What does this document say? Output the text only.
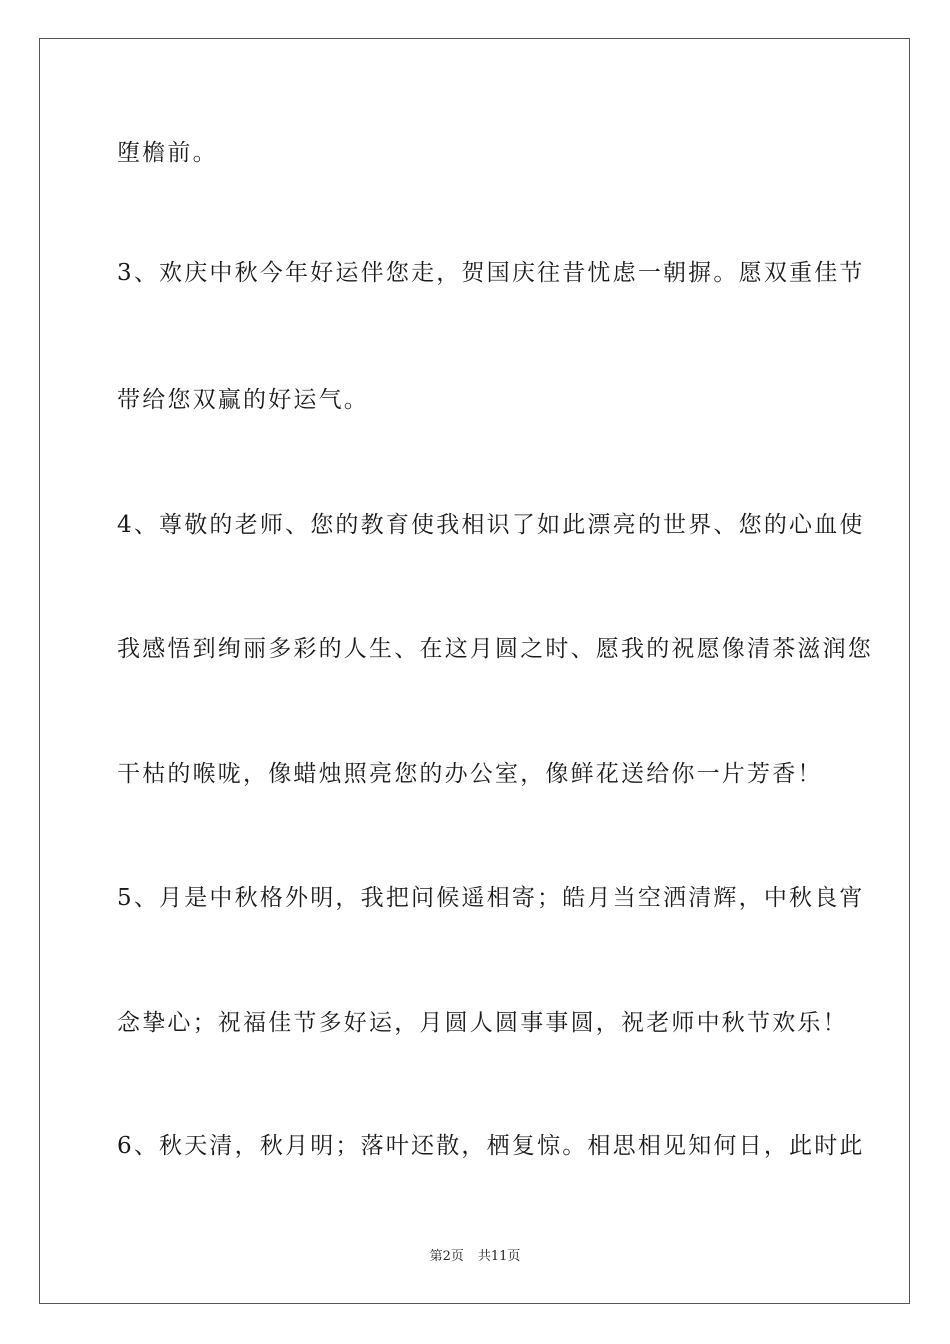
堕檐前。
3、欢庆中秋今年好运伴您走，贺国庆往昔忧虑一朝摒。愿双重佳节
带给您双赢的好运气。
4、尊敬的老师、您的教育使我相识了如此漂亮的世界、您的心血使
我感悟到绚丽多彩的人生、在这月圆之时、愿我的祝愿像清茶滋润您
干枯的喉咙，像蜡烛照亮您的办公室，像鲜花送给你一片芳香！
5、月是中秋格外明，我把问候遥相寄；皓月当空洒清辉，中秋良宵
念挚心；祝福佳节多好运，月圆人圆事事圆，祝老师中秋节欢乐！
6、秋天清，秋月明；落叶还散，栖复惊。相思相见知何日，此时此
第2页 共11页
